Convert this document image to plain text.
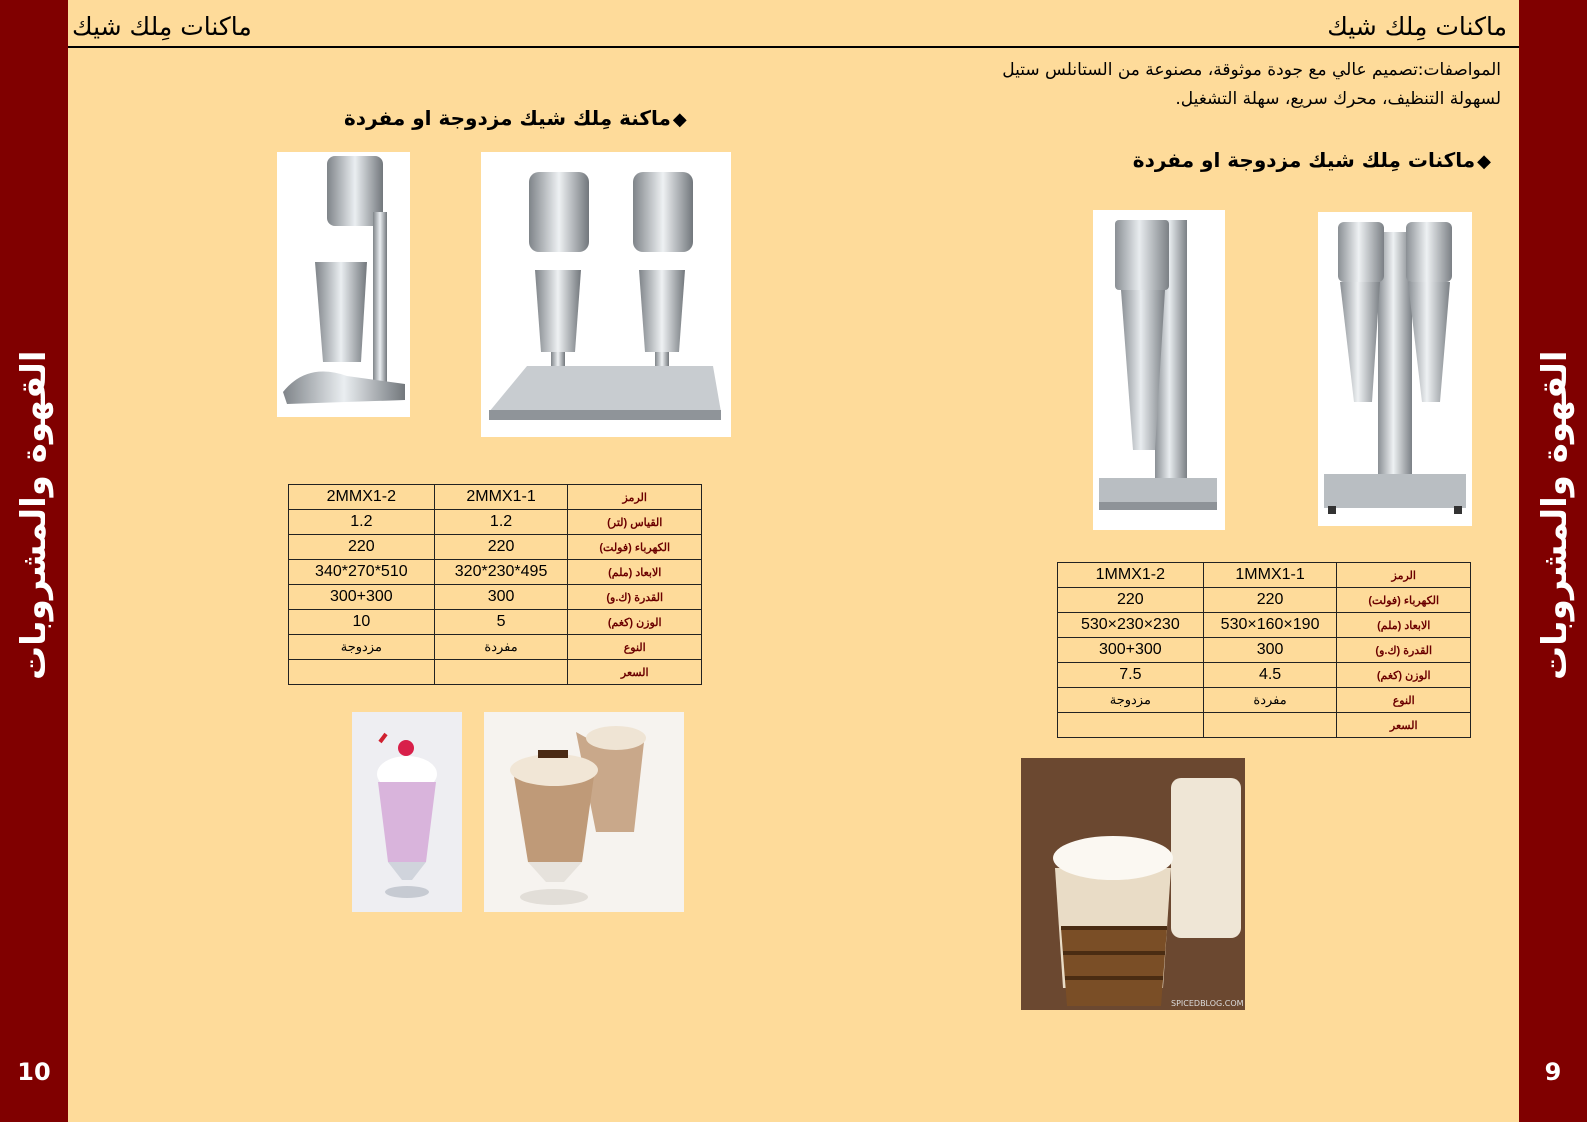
القهوة والمشروبات
10
القهوة والمشروبات
9
ماكنات مِلك شيك	ماكنات مِلك شيك
المواصفات:تصميم عالي مع جودة موثوقة، مصنوعة من الستانلس ستيل
لسهولة التنظيف، محرك سريع، سهلة التشغيل.
◆ماكنات مِلك شيك مزدوجة او مفردة
◆ماكنة مِلك شيك مزدوجة او مفردة
الرمز	1MMX1-1	1MMX1-2
الكهرباء (فولت)	220	220
الابعاد (ملم)	190×160×530	230×230×530
القدرة (ك.و)	300	300+300
الوزن (كغم)	4.5	7.5
النوع	مفردة	مزدوجة
السعر		
SPICEDBLOG.COM
الرمز	2MMX1-1	2MMX1-2
القياس (لتر)	1.2	1.2
الكهرباء (فولت)	220	220
الابعاد (ملم)	495*230*320	510*270*340
القدرة (ك.و)	300	300+300
الوزن (كغم)	5	10
النوع	مفردة	مزدوجة
السعر		
